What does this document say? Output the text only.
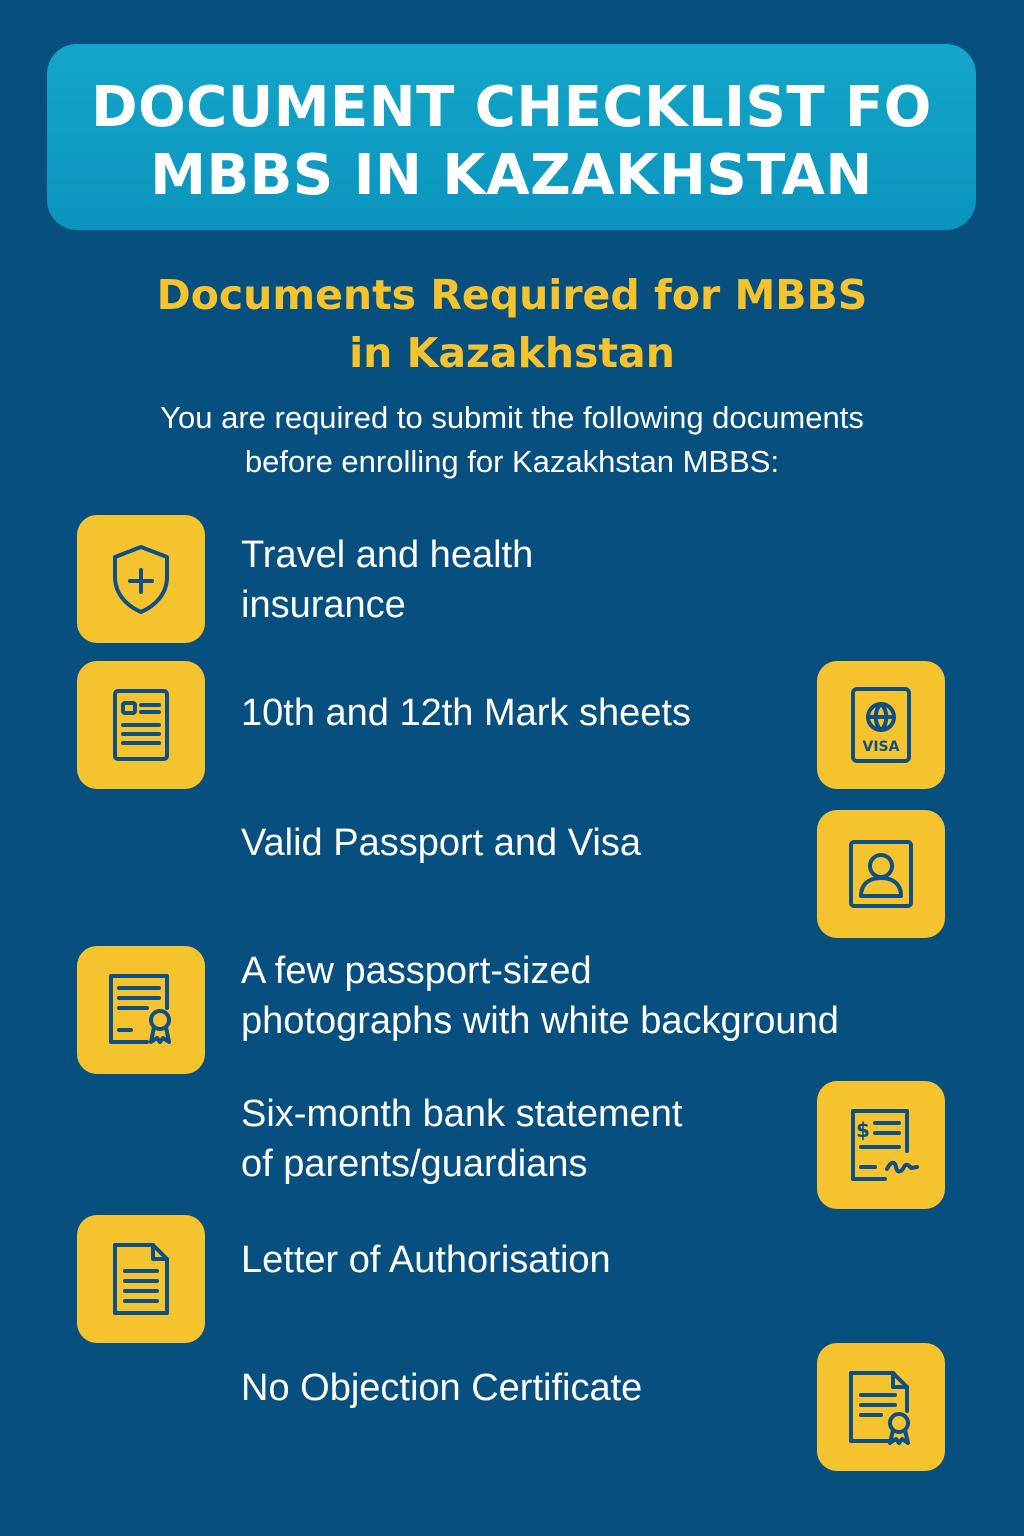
DOCUMENT CHECKLIST FO
MBBS IN KAZAKHSTAN
Documents Required for MBBS
in Kazakhstan

You are required to submit the following documents
before enrolling for Kazakhstan MBBS:

VISA
$

Travel and health
insurance

10th and 12th Mark sheets

Valid Passport and Visa

A few passport-sized
photographs with white background

Six-month bank statement
of parents/guardians

Letter of Authorisation

No Objection Certificate
